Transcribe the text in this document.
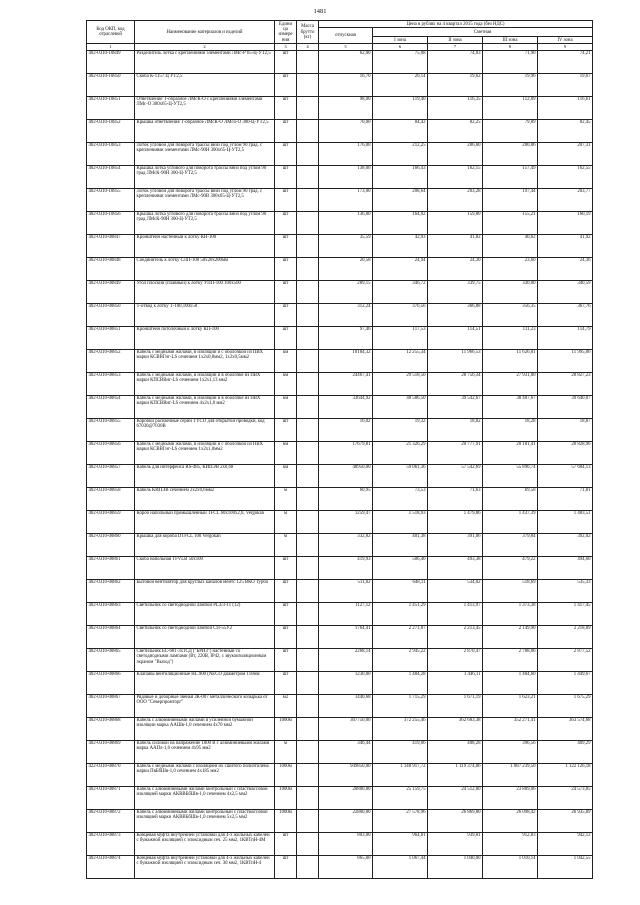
1481
Код ОКП, код отраслевой	Наименование материалов и изделий	Едини ца измере ния	Масса брутто (кг)	Цена в рублях на 4 квартал 2015 года (без НДС)				
				отпускная	Сметная			
					I зона	II зона	III зона	IV зона
1	2	3	4	5	6	7	8	9
402-0310-10849	Разделитель лотка с креплениями элементами ЛМс-Р 65-Ц-УТ2,5	шт		62,00	75,08	74,03	71,90	74,21
402-0310-10850	Скоба К-1157 Ц УТ2,5	шт		16,70	20,14	19,62	19,96	19,67
402-0310-10851	Ответвление Т-образное ЛМсК-О с креплениями элементами ЛМс-О 300х65-Ц-УТ2,5	шт		98,00	119,40	116,35	112,89	116,61
402-0310-10852	Крышка ответвления Т-образное ЛМсК-О ЛМсо-О 300-Ц-УТ2,5	шт		70,00	84,42	82,25	79,89	82,45
402-0310-10853	Лоток угловой для поворота трассы вниз под углом 90 град. с креплениями элементами ЛМс-90Н 300х65-Ц-УТ2,5	шт		176,00	212,25	206,60	200,86	207,31
402-0310-10854	Крышка лотка углового для поворота трассы вниз под углом 90 град ЛМсК-90Н 300-Ц-УТ2,5	шт		138,00	166,43	162,15	157,49	162,55
402-0310-10855	Лоток угловой для поворота трассы вниз под углом 90 град. с креплениями элементами ЛМс-90В 300х65-Ц-УТ2,5	шт		173,00	208,64	203,28	197,44	203,77
402-0310-10856	Крышка лотка углового для поворота трассы вниз под углом 90 град ЛМсК-90Н 300-Ц-УТ2,5	шт		136,00	164,02	159,80	155,21	160,19
402-0310-00847	Кронштейн настенный к лотку КН-100	шт		35,59	42,93	41,82	40,62	41,92
402-0310-00848	Соединитель к лотку СЛП-100 50х20х200мм	шт		20,58	24,94	24,30	23,60	24,36
402-0310-00849	Угол плоский (плавный) к лотку УПП-100 100х500	шт		289,15	346,72	339,75	330,00	340,59
402-0310-00850	Т-отвод к лотку Т-100,100х50	шт		312,24	376,56	366,88	356,35	367,76
402-0310-00851	Кронштейн потолочный к лотку КП-100	шт		97,46	117,53	114,51	111,23	114,79
402-0310-00852	Кабель с медными жилами, в изоляции и с оболочкой из ПВХ марки КСВВГнг-LS сечением 1х2х0,8мм2, 1х2х0,5мм2	км		10184,32	12 255,34	11 966,53	11 626,01	11 995,06
402-0310-00853	Кабель с медными жилами, в изоляции и в оболочке из ПВХ марки КПСВВнг-LS сечением 1х2х1,13 мм2	км		24467,41	29 518,50	28 756,34	27 931,00	28 827,23
402-0310-00854	Кабель с медными жилами, в изоляции и в оболочке из ПВХ марки КПСВВнг-LS сечением 4х2х1,0 мм2	км		33644,92	40 586,50	39 542,67	38 407,67	39 640,07
402-0310-00855	Коробки распаечные серии TYCO для открытой проводки, код 67030@7030В	шт		16,02	19,32	18,82	18,28	18,87
402-0310-00856	Кабель с медными жилами, в изоляции и с оболочкой из ПВХ марки КСВВГнг-LS сечением 1х2х1,0мм2	км		17679,81	21 326,29	20 777,91	20 181,41	20 828,96
402-0310-00857	Кабель для интерфейса RS-485, КИПЭВ 2х0,68	км		48950,00	59 061,36	57 542,69	55 890,74	57 684,13
402-0310-00858	Кабель КИПЭВ сечением 2х2х0,6мм2	м		60,95	73,53	71,63	69,58	71,81
402-0310-00859	Короб напольный промышленный TFCL 60х100х2,0, Vergokan	м		1259,47	1 518,93	1 479,86	1 437,39	1 483,51
402-0310-00860	Крышка для короба DTFCL 100 Vergokan	м		332,82	401,38	391,06	379,84	392,02
402-0310-00861	Скоба напольная TFVLB 50х100	шт		419,93	506,40	493,38	479,22	494,60
402-0310-00862	Бытовой вентилятор для круглых каналов Вентс 125 ВКО Турбо	шт		511,02	648,11	534,02	518,69	535,33
402-0310-00863	Светильник со светодиодной лампой PL3/3-11 (12)	шт		1127,12	1 451,29	1 413,97	1 373,38	1 417,45
402-0310-00864	Светильник со светодиодной лампой СП-55У2	шт		1764,41	2 271,87	2 213,45	2 149,90	2 218,89
402-0310-00865	Светильник БС-681-3х1СД ("БРИЗ") настенный со светодиодными лампами (Вт, 220В, IP42, с звукоизоляционным экраном "Выход")	шт		2268,14	2 945,22	2 870,47	2 788,06	2 877,52
402-0310-00866	Клапаны вентиляционные НL.900 (NECO диаметром 110мм	шт		1230,00	1 484,28	1 446,11	1 404,60	1 449,67
402-0310-00867	Рядовые и доборные звенья ЗК-007 металлического козырька от ООО "Северпромторг"	м2		1440,68	1 715,29	1 671,19	1 623,21	1 675,29
402-0310-00868	Кабель с алюминиевыми жилами в усиленной бумажной изоляции марка ААШв-1,0 сечением 4х70 мм2	1000м		307750,00	372 255,46	362 683,38	352 271,41	363 574,68
402-0310-00869	Кабель силовой на напряжение 1000 В с алюминиевыми жилами марка ААПл-1,0 сечением 4х95 мм2	м		346,44	419,06	408,28	396,56	409,29
422-0310-00870	Кабель с медными жилами с изоляцией их сшитого полиэтилена марки ПвБбШв-1,0 сечением 4х185 мм2	1000м		949850,00	1 148 917,72	1 119 374,86	1 087 239,50	1 122 126,18
402-0310-00871	Кабель с алюминиевыми жилами контрольный с пластмассовой изоляцией марки АКВВБбШв-1,0 сечением 4х2,5 мм2	1000м		20800,00	25 159,75	24 512,80	23 809,06	24 573,05
402-0310-00872	Кабель с алюминиевыми жилами контрольный с пластмассовой изоляцией марки АКВВБбШв-1,0 сечением 5х2,5 мм2	1000м		22800,00	27 578,96	26 869,80	26 098,42	26 935,89
402-0310-00873	Концевая муфта внутренней установки для 4-х жильных кабелей с бумажной изоляцией с эпоксидным сеч. 25 мм2, 1КВТпН-4М	шт		803,00	964,81	939,81	912,83	942,12
402-0310-00874	Концевая муфта внутренней установки для 4-х жильных кабелей с бумажной изоляцией с эпоксидным сеч. 30 мм2, 1КВТпН-4	шт		865,00	1 067,44	1 040,00	1 010,14	1 042,55
